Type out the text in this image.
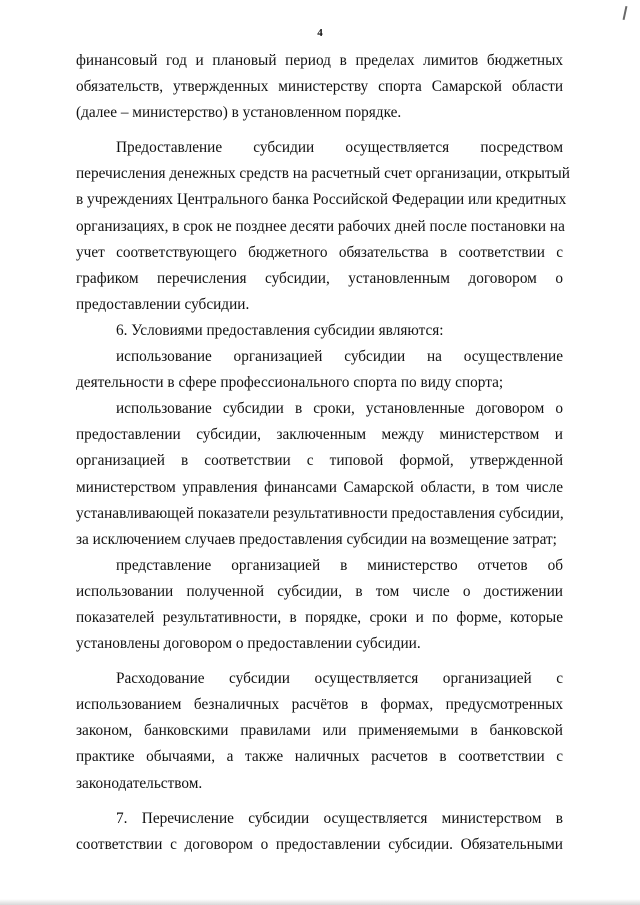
4
финансовый год и плановый период в пределах лимитов бюджетных
обязательств, утвержденных министерству спорта Самарской области
(далее – министерство) в установленном порядке.
Предоставление субсидии осуществляется посредством
перечисления денежных средств на расчетный счет организации, открытый
в учреждениях Центрального банка Российской Федерации или кредитных
организациях, в срок не позднее десяти рабочих дней после постановки на
учет соответствующего бюджетного обязательства в соответствии с
графиком перечисления субсидии, установленным договором о
предоставлении субсидии.
6. Условиями предоставления субсидии являются:
использование организацией субсидии на осуществление
деятельности в сфере профессионального спорта по виду спорта;
использование субсидии в сроки, установленные договором о
предоставлении субсидии, заключенным между министерством и
организацией в соответствии с типовой формой, утвержденной
министерством управления финансами Самарской области, в том числе
устанавливающей показатели результативности предоставления субсидии,
за исключением случаев предоставления субсидии на возмещение затрат;
представление организацией в министерство отчетов об
использовании полученной субсидии, в том числе о достижении
показателей результативности, в порядке, сроки и по форме, которые
установлены договором о предоставлении субсидии.
Расходование субсидии осуществляется организацией с
использованием безналичных расчётов в формах, предусмотренных
законом, банковскими правилами или применяемыми в банковской
практике обычаями, а также наличных расчетов в соответствии с
законодательством.
7. Перечисление субсидии осуществляется министерством в
соответствии с договором о предоставлении субсидии. Обязательными
